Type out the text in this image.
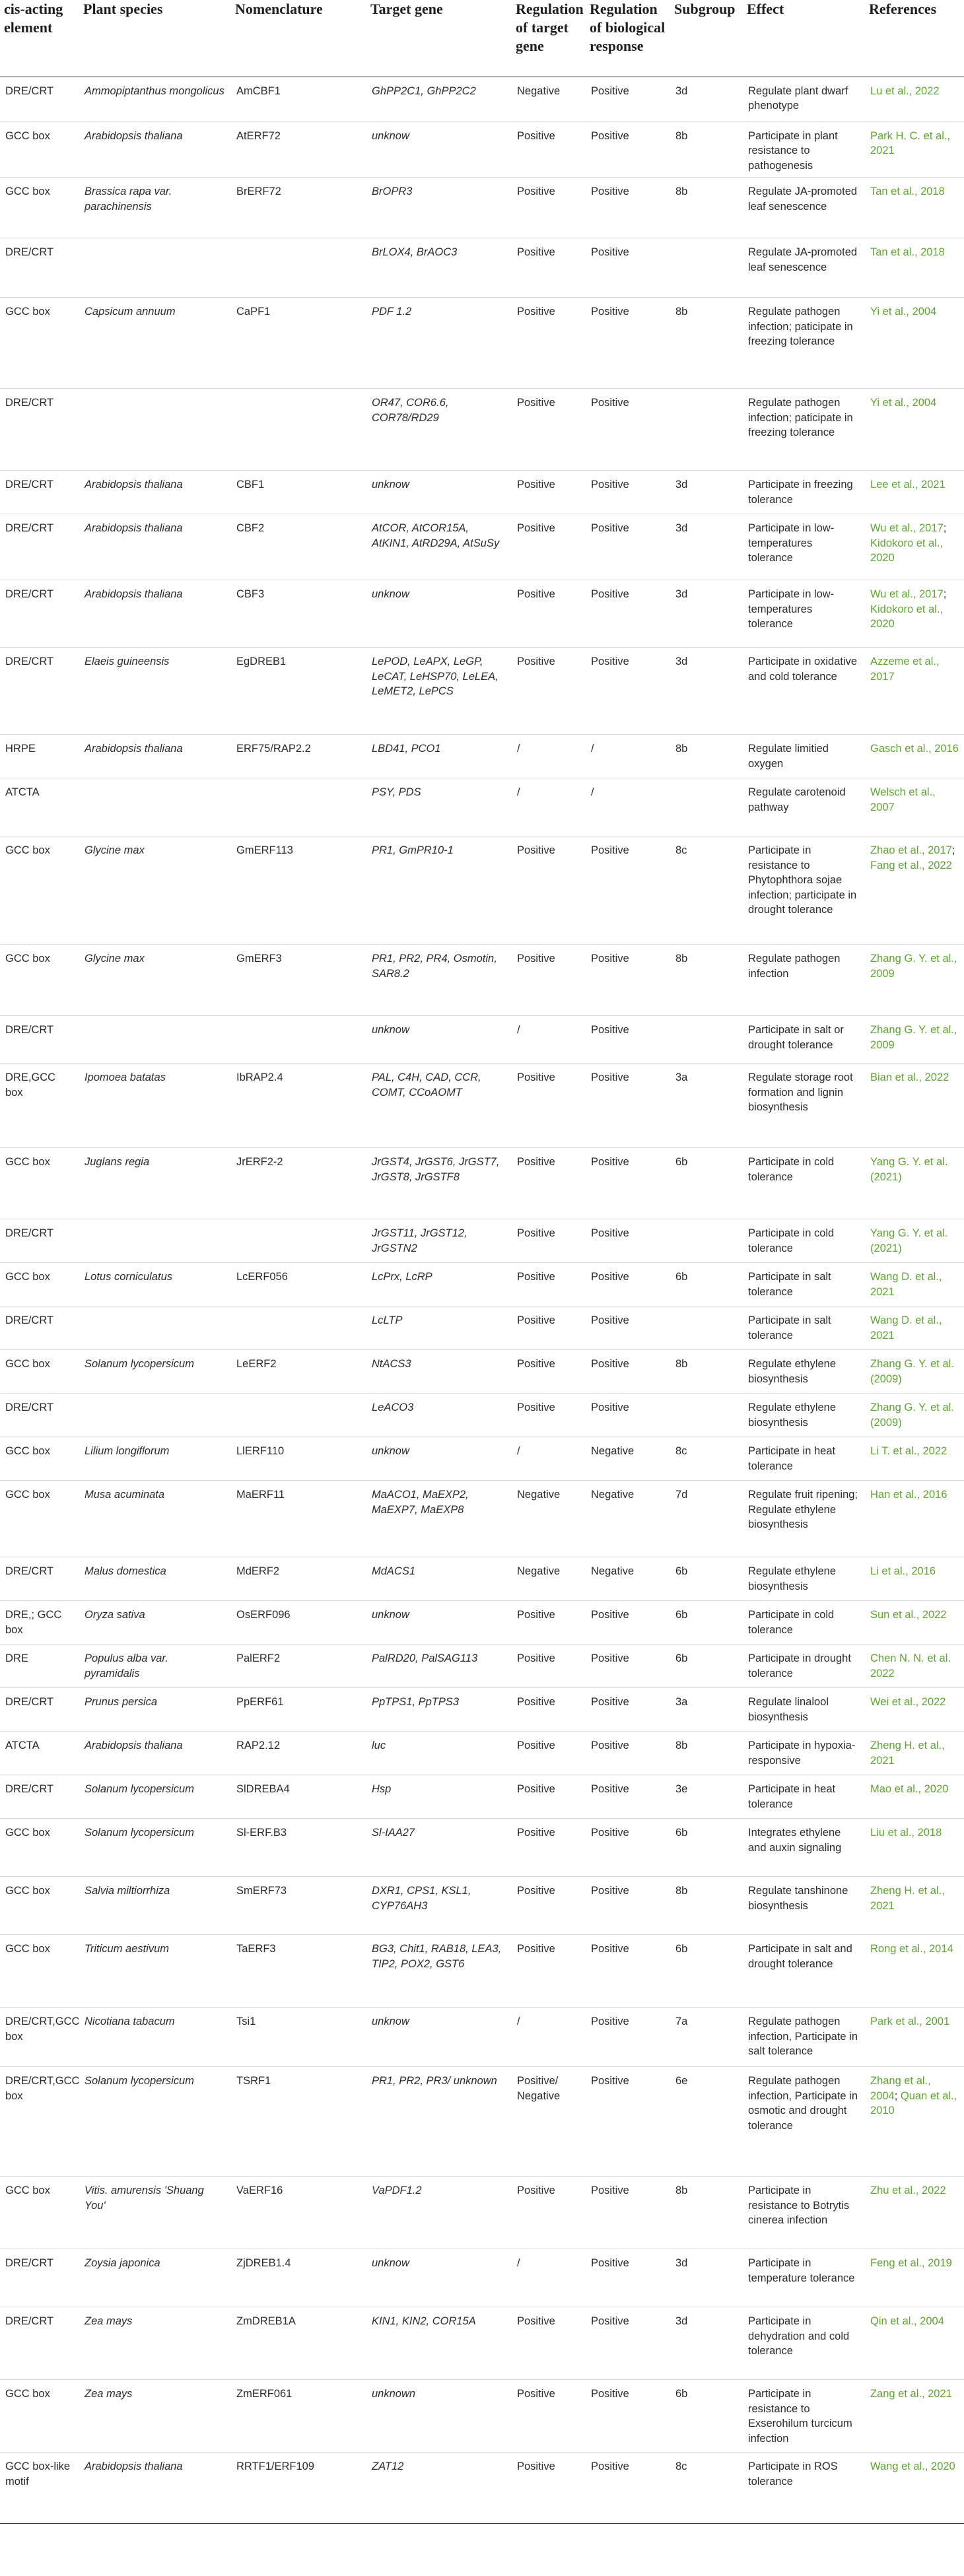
cis-acting element	Plant species	Nomenclature	Target gene	Regulation of target gene	Regulation of biological response	Subgroup	Effect	References
DRE/CRT	Ammopiptanthus mongolicus	AmCBF1	GhPP2C1, GhPP2C2	Negative	Positive	3d	Regulate plant dwarf phenotype	Lu et al., 2022
GCC box	Arabidopsis thaliana	AtERF72	unknow	Positive	Positive	8b	Participate in plant resistance to pathogenesis	Park H. C. et al., 2021
GCC box	Brassica rapa var. parachinensis	BrERF72	BrOPR3	Positive	Positive	8b	Regulate JA-promoted leaf senescence	Tan et al., 2018
DRE/CRT			BrLOX4, BrAOC3	Positive	Positive		Regulate JA-promoted leaf senescence	Tan et al., 2018
GCC box	Capsicum annuum	CaPF1	PDF 1.2	Positive	Positive	8b	Regulate pathogen infection; paticipate in freezing tolerance	Yi et al., 2004
DRE/CRT			OR47, COR6.6, COR78/RD29	Positive	Positive		Regulate pathogen infection; paticipate in freezing tolerance	Yi et al., 2004
DRE/CRT	Arabidopsis thaliana	CBF1	unknow	Positive	Positive	3d	Participate in freezing tolerance	Lee et al., 2021
DRE/CRT	Arabidopsis thaliana	CBF2	AtCOR, AtCOR15A, AtKIN1, AtRD29A, AtSuSy	Positive	Positive	3d	Participate in low-temperatures tolerance	Wu et al., 2017; Kidokoro et al., 2020
DRE/CRT	Arabidopsis thaliana	CBF3	unknow	Positive	Positive	3d	Participate in low-temperatures tolerance	Wu et al., 2017; Kidokoro et al., 2020
DRE/CRT	Elaeis guineensis	EgDREB1	LePOD, LeAPX, LeGP, LeCAT, LeHSP70, LeLEA, LeMET2, LePCS	Positive	Positive	3d	Participate in oxidative and cold tolerance	Azzeme et al., 2017
HRPE	Arabidopsis thaliana	ERF75/RAP2.2	LBD41, PCO1	/	/	8b	Regulate limitied oxygen	Gasch et al., 2016
ATCTA			PSY, PDS	/	/		Regulate carotenoid pathway	Welsch et al., 2007
GCC box	Glycine max	GmERF113	PR1, GmPR10-1	Positive	Positive	8c	Participate in resistance to Phytophthora sojae infection; participate in drought tolerance	Zhao et al., 2017; Fang et al., 2022
GCC box	Glycine max	GmERF3	PR1, PR2, PR4, Osmotin, SAR8.2	Positive	Positive	8b	Regulate pathogen infection	Zhang G. Y. et al., 2009
DRE/CRT			unknow	/	Positive		Participate in salt or drought tolerance	Zhang G. Y. et al., 2009
DRE,GCC box	Ipomoea batatas	IbRAP2.4	PAL, C4H, CAD, CCR, COMT, CCoAOMT	Positive	Positive	3a	Regulate storage root formation and lignin biosynthesis	Bian et al., 2022
GCC box	Juglans regia	JrERF2-2	JrGST4, JrGST6, JrGST7, JrGST8, JrGSTF8	Positive	Positive	6b	Participate in cold tolerance	Yang G. Y. et al. (2021)
DRE/CRT			JrGST11, JrGST12, JrGSTN2	Positive	Positive		Participate in cold tolerance	Yang G. Y. et al. (2021)
GCC box	Lotus corniculatus	LcERF056	LcPrx, LcRP	Positive	Positive	6b	Participate in salt tolerance	Wang D. et al., 2021
DRE/CRT			LcLTP	Positive	Positive		Participate in salt tolerance	Wang D. et al., 2021
GCC box	Solanum lycopersicum	LeERF2	NtACS3	Positive	Positive	8b	Regulate ethylene biosynthesis	Zhang G. Y. et al. (2009)
DRE/CRT			LeACO3	Positive	Positive		Regulate ethylene biosynthesis	Zhang G. Y. et al. (2009)
GCC box	Lilium longiflorum	LlERF110	unknow	/	Negative	8c	Participate in heat tolerance	Li T. et al., 2022
GCC box	Musa acuminata	MaERF11	MaACO1, MaEXP2, MaEXP7, MaEXP8	Negative	Negative	7d	Regulate fruit ripening; Regulate ethylene biosynthesis	Han et al., 2016
DRE/CRT	Malus domestica	MdERF2	MdACS1	Negative	Negative	6b	Regulate ethylene biosynthesis	Li et al., 2016
DRE,; GCC box	Oryza sativa	OsERF096	unknow	Positive	Positive	6b	Participate in cold tolerance	Sun et al., 2022
DRE	Populus alba var. pyramidalis	PalERF2	PalRD20, PalSAG113	Positive	Positive	6b	Participate in drought tolerance	Chen N. N. et al. 2022
DRE/CRT	Prunus persica	PpERF61	PpTPS1, PpTPS3	Positive	Positive	3a	Regulate linalool biosynthesis	Wei et al., 2022
ATCTA	Arabidopsis thaliana	RAP2.12	luc	Positive	Positive	8b	Participate in hypoxia-responsive	Zheng H. et al., 2021
DRE/CRT	Solanum lycopersicum	SlDREBA4	Hsp	Positive	Positive	3e	Participate in heat tolerance	Mao et al., 2020
GCC box	Solanum lycopersicum	Sl-ERF.B3	Sl-IAA27	Positive	Positive	6b	Integrates ethylene and auxin signaling	Liu et al., 2018
GCC box	Salvia miltiorrhiza	SmERF73	DXR1, CPS1, KSL1, CYP76AH3	Positive	Positive	8b	Regulate tanshinone biosynthesis	Zheng H. et al., 2021
GCC box	Triticum aestivum	TaERF3	BG3, Chit1, RAB18, LEA3, TIP2, POX2, GST6	Positive	Positive	6b	Participate in salt and drought tolerance	Rong et al., 2014
DRE/CRT,GCC box	Nicotiana tabacum	Tsi1	unknow	/	Positive	7a	Regulate pathogen infection, Participate in salt tolerance	Park et al., 2001
DRE/CRT,GCC box	Solanum lycopersicum	TSRF1	PR1, PR2, PR3/ unknown	Positive/ Negative	Positive	6e	Regulate pathogen infection, Participate in osmotic and drought tolerance	Zhang et al., 2004; Quan et al., 2010
GCC box	Vitis. amurensis 'Shuang You'	VaERF16	VaPDF1.2	Positive	Positive	8b	Participate in resistance to Botrytis cinerea infection	Zhu et al., 2022
DRE/CRT	Zoysia japonica	ZjDREB1.4	unknow	/	Positive	3d	Participate in temperature tolerance	Feng et al., 2019
DRE/CRT	Zea mays	ZmDREB1A	KIN1, KIN2, COR15A	Positive	Positive	3d	Participate in dehydration and cold tolerance	Qin et al., 2004
GCC box	Zea mays	ZmERF061	unknown	Positive	Positive	6b	Participate in resistance to Exserohilum turcicum infection	Zang et al., 2021
GCC box-like motif	Arabidopsis thaliana	RRTF1/ERF109	ZAT12	Positive	Positive	8c	Participate in ROS tolerance	Wang et al., 2020
